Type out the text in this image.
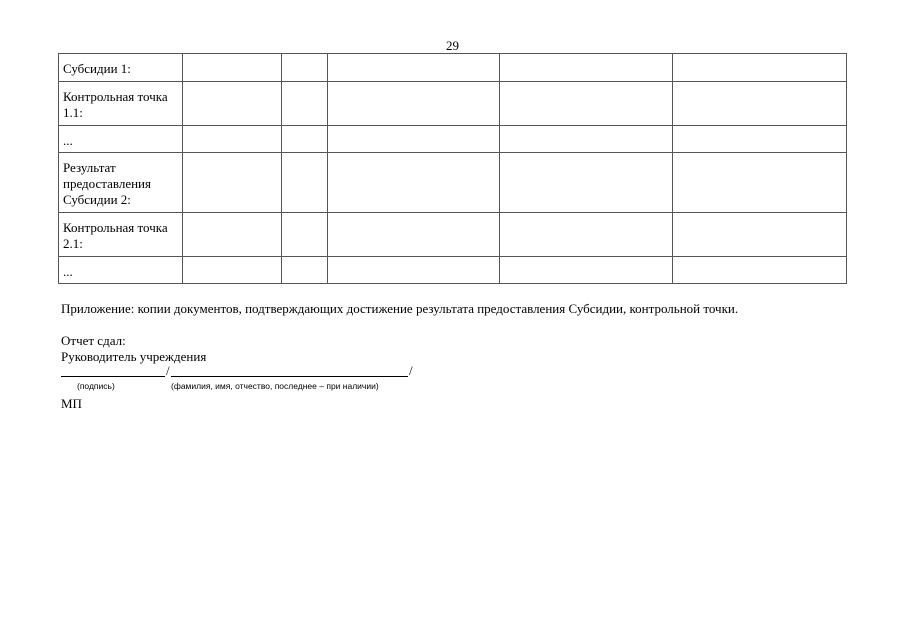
29
Субсидии 1:					
Контрольная точка 1.1:					
...					
Результат предоставления Субсидии 2:					
Контрольная точка 2.1:					
...					
Приложение: копии документов, подтверждающих достижение результата предоставления Субсидии, контрольной точки.
Отчет сдал:
Руководитель учреждения
/	/
(подпись)	(фамилия, имя, отчество, последнее – при наличии)
МП
